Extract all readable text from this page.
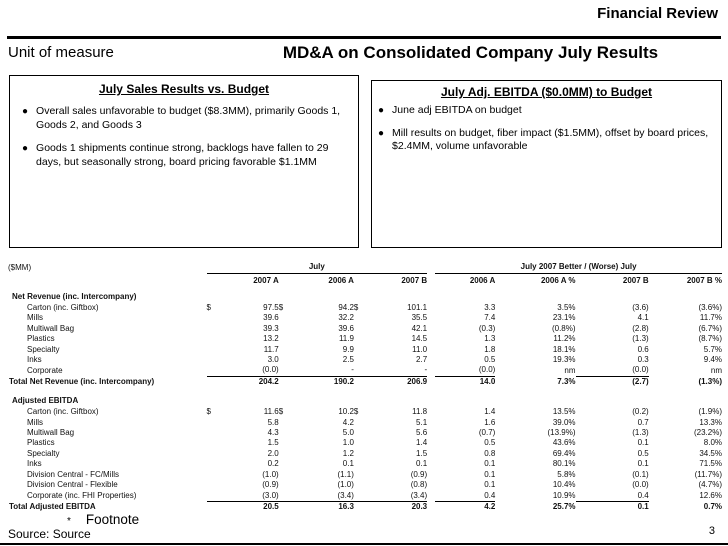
Financial Review
Unit of measure	MD&A on Consolidated Company July Results
July Sales Results vs. Budget
● Overall sales unfavorable to budget ($8.3MM), primarily Goods 1, Goods 2, and Goods 3
● Goods 1 shipments continue strong, backlogs have fallen to 29 days, but seasonally strong, board pricing favorable $1.1MM
July Adj. EBITDA ($0.0MM) to Budget
● June adj EBITDA on budget
● Mill results on budget, fiber impact ($1.5MM), offset by board prices, $2.4MM, volume unfavorable
($MM)	July				July 2007 Better / (Worse) July			
	2007 A	2006 A	2007 B		2006 A	2006 A %	2007 B	2007 B %

Net Revenue (inc. Intercompany)								
Carton (inc. Giftbox)	$ 97.5	$ 94.2	$ 101.1		3.3	3.5%	(3.6)	(3.6%)
Mills	39.6	32.2	35.5		7.4	23.1%	4.1	11.7%
Multiwall Bag	39.3	39.6	42.1		(0.3)	(0.8%)	(2.8)	(6.7%)
Plastics	13.2	11.9	14.5		1.3	11.2%	(1.3)	(8.7%)
Specialty	11.7	9.9	11.0		1.8	18.1%	0.6	5.7%
Inks	3.0	2.5	2.7		0.5	19.3%	0.3	9.4%
Corporate	(0.0)	-	-		(0.0)	nm	(0.0)	nm
Total Net Revenue (inc. Intercompany)	204.2	190.2	206.9		14.0	7.3%	(2.7)	(1.3%)

Adjusted EBITDA								
Carton (inc. Giftbox)	$ 11.6	$ 10.2	$ 11.8		1.4	13.5%	(0.2)	(1.9%)
Mills	5.8	4.2	5.1		1.6	39.0%	0.7	13.3%
Multiwall Bag	4.3	5.0	5.6		(0.7)	(13.9%)	(1.3)	(23.2%)
Plastics	1.5	1.0	1.4		0.5	43.6%	0.1	8.0%
Specialty	2.0	1.2	1.5		0.8	69.4%	0.5	34.5%
Inks	0.2	0.1	0.1		0.1	80.1%	0.1	71.5%
Division Central - FC/Mills	(1.0)	(1.1)	(0.9)		0.1	5.8%	(0.1)	(11.7%)
Division Central - Flexible	(0.9)	(1.0)	(0.8)		0.1	10.4%	(0.0)	(4.7%)
Corporate (inc. FHI Properties)	(3.0)	(3.4)	(3.4)		0.4	10.9%	0.4	12.6%
Total Adjusted EBITDA	20.5	16.3	20.3		4.2	25.7%	0.1	0.7%
* Footnote
Source: Source	3
